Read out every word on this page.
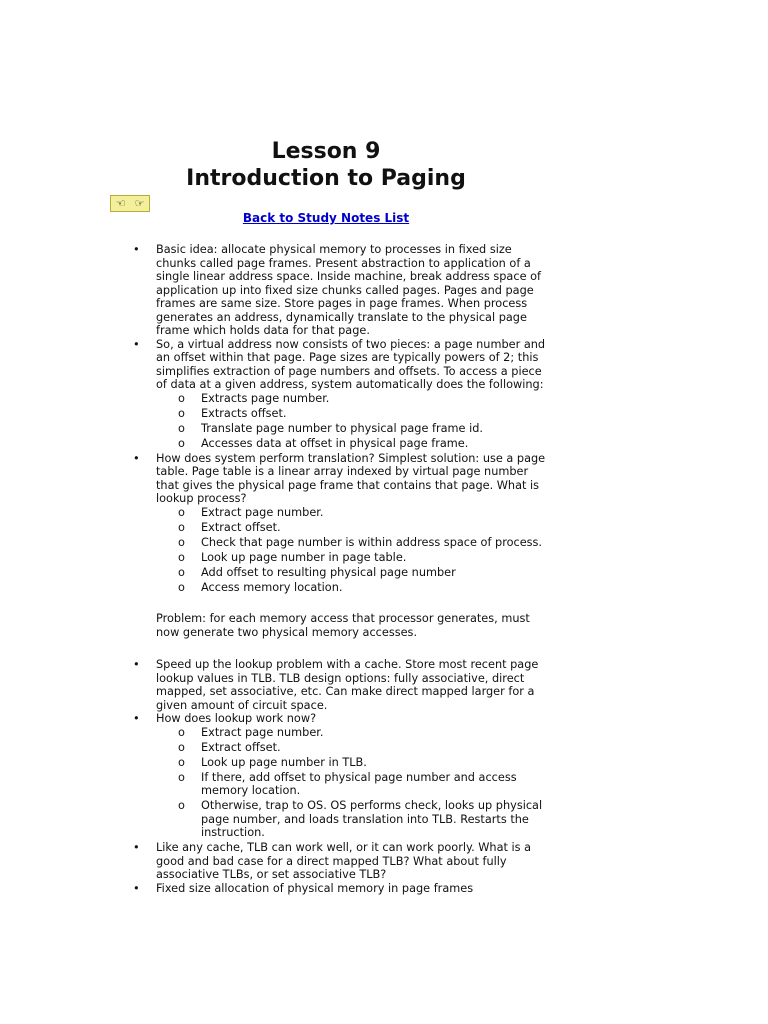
Lesson 9
Introduction to Paging
☜ ☞
Back to Study Notes List
• Basic idea: allocate physical memory to processes in fixed size chunks called page frames. Present abstraction to application of a single linear address space. Inside machine, break address space of application up into fixed size chunks called pages. Pages and page frames are same size. Store pages in page frames. When process generates an address, dynamically translate to the physical page frame which holds data for that page.
• So, a virtual address now consists of two pieces: a page number and an offset within that page. Page sizes are typically powers of 2; this simplifies extraction of page numbers and offsets. To access a piece of data at a given address, system automatically does the following:
o Extracts page number.
o Extracts offset.
o Translate page number to physical page frame id.
o Accesses data at offset in physical page frame.
• How does system perform translation? Simplest solution: use a page table. Page table is a linear array indexed by virtual page number that gives the physical page frame that contains that page. What is lookup process?
o Extract page number.
o Extract offset.
o Check that page number is within address space of process.
o Look up page number in page table.
o Add offset to resulting physical page number
o Access memory location.

Problem: for each memory access that processor generates, must now generate two physical memory accesses.

• Speed up the lookup problem with a cache. Store most recent page lookup values in TLB. TLB design options: fully associative, direct mapped, set associative, etc. Can make direct mapped larger for a given amount of circuit space.
• How does lookup work now?
o Extract page number.
o Extract offset.
o Look up page number in TLB.
o If there, add offset to physical page number and access memory location.
o Otherwise, trap to OS. OS performs check, looks up physical page number, and loads translation into TLB. Restarts the instruction.
• Like any cache, TLB can work well, or it can work poorly. What is a good and bad case for a direct mapped TLB? What about fully associative TLBs, or set associative TLB?
• Fixed size allocation of physical memory in page frames
